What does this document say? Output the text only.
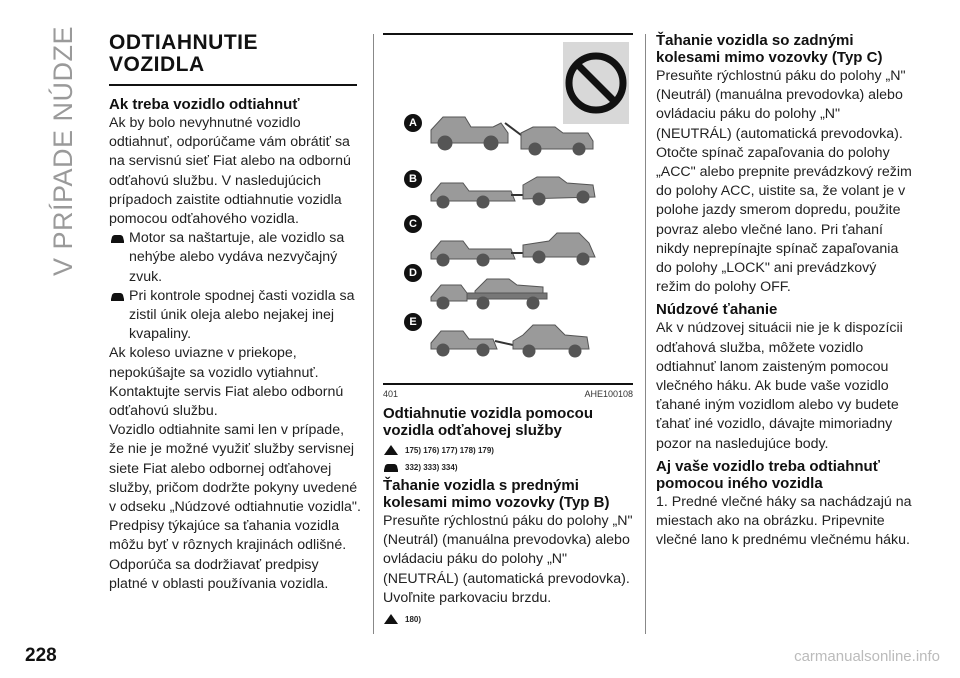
V PRÍPADE NÚDZE
228
ODTIAHNUTIE
VOZIDLA
Ak treba vozidlo odtiahnuť

Ak by bolo nevyhnutné vozidlo odtiahnuť, odporúčame vám obrátiť sa na servisnú sieť Fiat alebo na odbornú odťahovú službu. V nasledujúcich prípadoch zaistite odtiahnutie vozidla pomocou odťahového vozidla.

Motor sa naštartuje, ale vozidlo sa nehýbe alebo vydáva nezvyčajný zvuk.

Pri kontrole spodnej časti vozidla sa zistil únik oleja alebo nejakej inej kvapaliny.

Ak koleso uviazne v priekope, nepokúšajte sa vozidlo vytiahnuť. Kontaktujte servis Fiat alebo odbornú odťahovú službu.

Vozidlo odtiahnite sami len v prípade, že nie je možné využiť služby servisnej siete Fiat alebo odbornej odťahovej služby, pričom dodržte pokyny uvedené v odseku „Núdzové odtiahnutie vozidla". Predpisy týkajúce sa ťahania vozidla môžu byť v rôznych krajinách odlišné. Odporúča sa dodržiavať predpisy platné v oblasti používania vozidla.

A
B
C
D
E
401	AHE100108
Odtiahnutie vozidla pomocou vozidla odťahovej služby
175) 176) 177) 178) 179)
332) 333) 334)
Ťahanie vozidla s prednými kolesami mimo vozovky (Typ B)

Presuňte rýchlostnú páku do polohy „N" (Neutrál) (manuálna prevodovka) alebo ovládaciu páku do polohy „N" (NEUTRÁL) (automatická prevodovka). Uvoľnite parkovaciu brzdu.

180)
Ťahanie vozidla so zadnými kolesami mimo vozovky (Typ C)

Presuňte rýchlostnú páku do polohy „N" (Neutrál) (manuálna prevodovka) alebo ovládaciu páku do polohy „N" (NEUTRÁL) (automatická prevodovka). Otočte spínač zapaľovania do polohy „ACC" alebo prepnite prevádzkový režim do polohy ACC, uistite sa, že volant je v polohe jazdy smerom dopredu, použite povraz alebo vlečné lano. Pri ťahaní nikdy neprepínajte spínač zapaľovania do polohy „LOCK" ani prevádzkový režim do polohy OFF.

Núdzové ťahanie

Ak v núdzovej situácii nie je k dispozícii odťahová služba, môžete vozidlo odtiahnuť lanom zaisteným pomocou vlečného háku. Ak bude vaše vozidlo ťahané iným vozidlom alebo vy budete ťahať iné vozidlo, dávajte mimoriadny pozor na nasledujúce body.

Aj vaše vozidlo treba odtiahnuť pomocou iného vozidla

1. Predné vlečné háky sa nachádzajú na miestach ako na obrázku. Pripevnite vlečné lano k prednému vlečnému háku.

carmanualsonline.info
